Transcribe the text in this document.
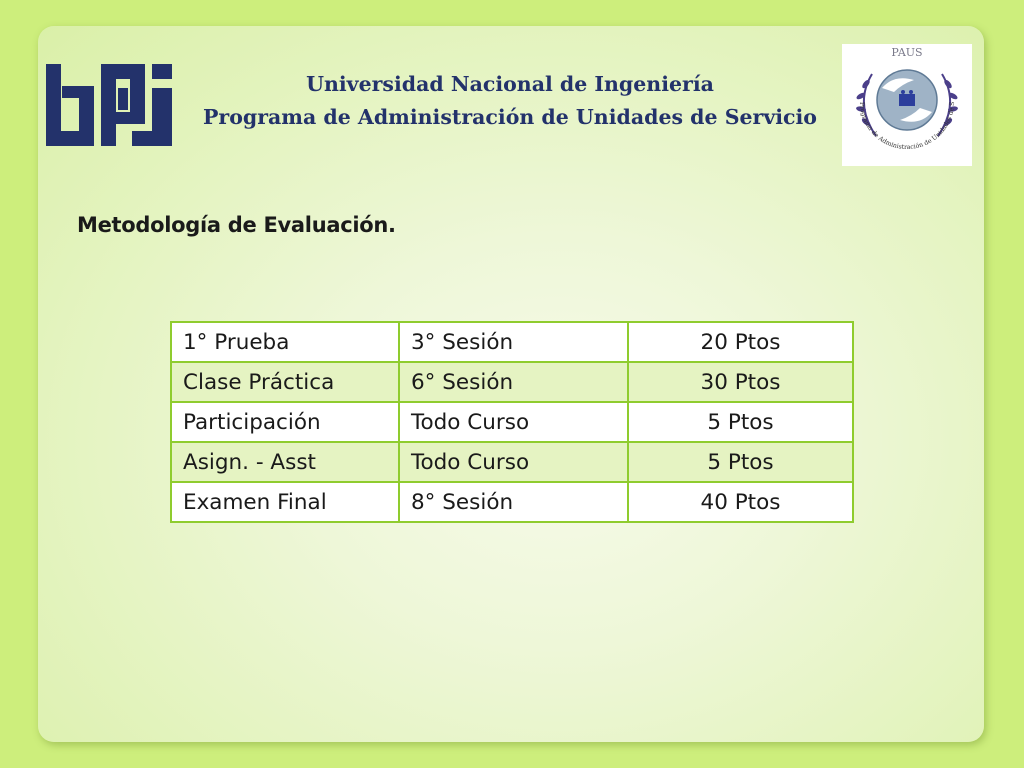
Universidad Nacional de Ingeniería
Programa de Administración de Unidades de Servicio
PAUS
Programa de Administración de Unidades de S
Metodología de Evaluación.
1° Prueba	3° Sesión	20 Ptos
Clase Práctica	6° Sesión	30 Ptos
Participación	Todo Curso	5 Ptos
Asign. - Asst	Todo Curso	5 Ptos
Examen Final	8° Sesión	40 Ptos
